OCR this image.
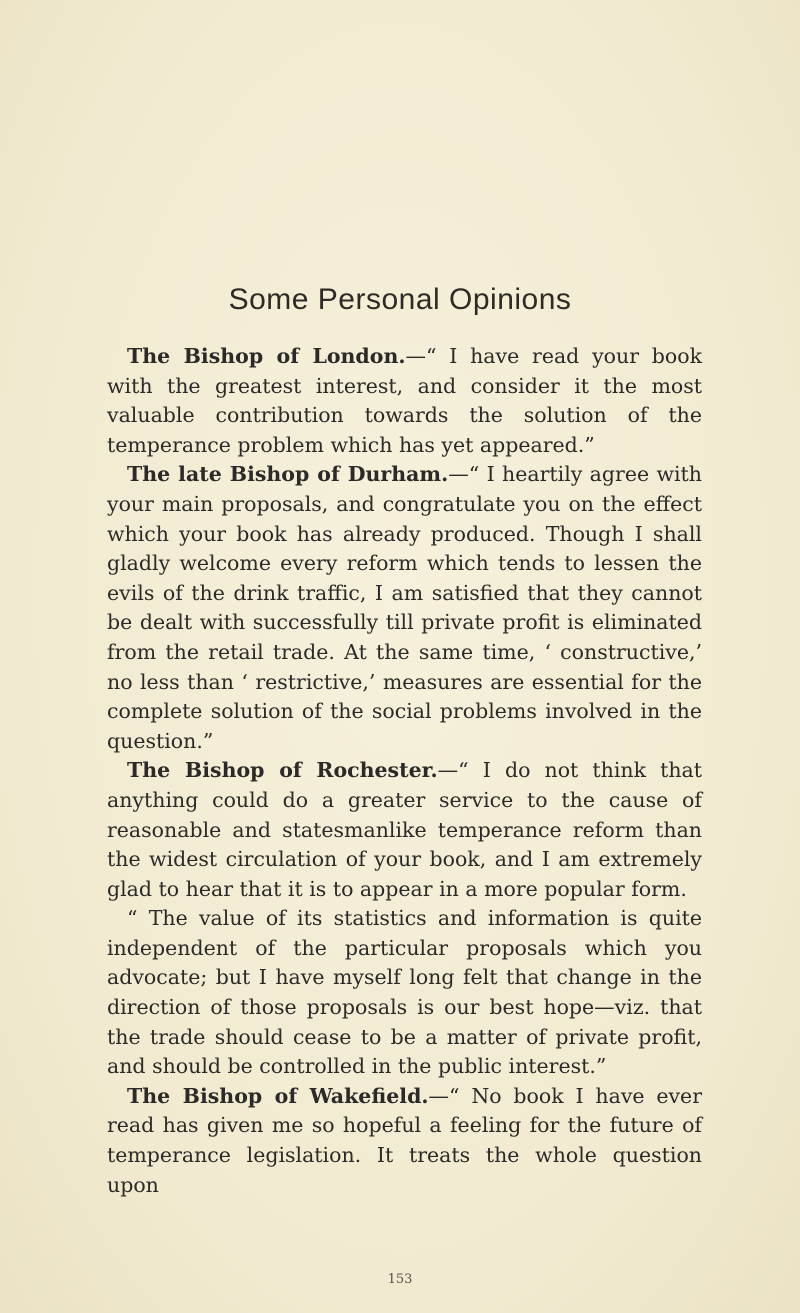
Some Personal Opinions

The Bishop of London.—“ I have read your book with the greatest interest, and consider it the most valuable contribution towards the solution of the temperance problem which has yet appeared.”

The late Bishop of Durham.—“ I heartily agree with your main proposals, and congratulate you on the effect which your book has already produced. Though I shall gladly welcome every reform which tends to lessen the evils of the drink traffic, I am satisfied that they cannot be dealt with successfully till private profit is eliminated from the retail trade. At the same time, ‘ constructive,’ no less than ‘ restrictive,’ measures are essential for the complete solution of the social problems involved in the question.”

The Bishop of Rochester.—“ I do not think that anything could do a greater service to the cause of reasonable and statesmanlike temperance reform than the widest circulation of your book, and I am extremely glad to hear that it is to appear in a more popular form.

“ The value of its statistics and information is quite independent of the particular proposals which you advocate; but I have myself long felt that change in the direction of those proposals is our best hope—viz. that the trade should cease to be a matter of private profit, and should be controlled in the public interest.”

The Bishop of Wakefield.—“ No book I have ever read has given me so hopeful a feeling for the future of temperance legislation. It treats the whole question upon

153
